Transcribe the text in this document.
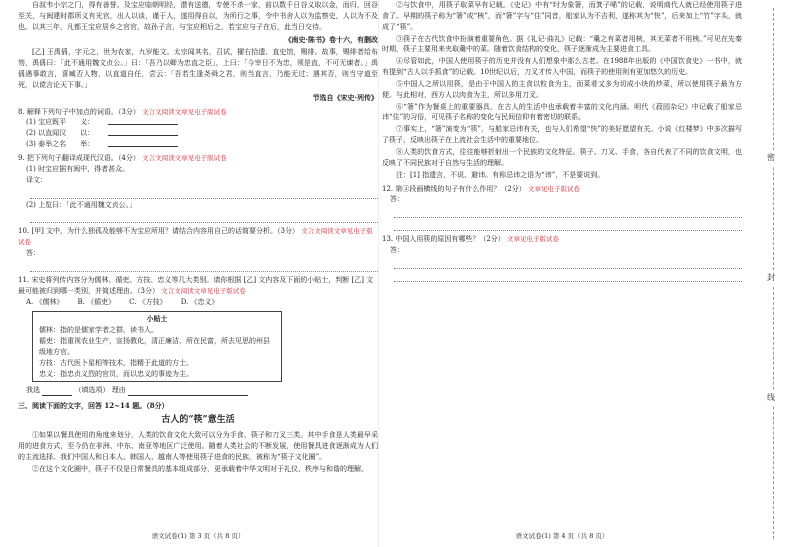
自叔韦小宗之门，得有善誉。及宝应临朝明经，潜有送德，专使不杀一家，前以数千日谷义取以金，而归，回谷至关，与闽建时郡所义有光官，出人以谈，谨于人，遂用得自以，为所行之事，令中书舍人以为监察史，人以为不及也。以其三年，凡都王宝应居乡之官官，故孙子言，与宝应相后之，若宝应与子在后，此当日交待。
《南史·陈书》卷十六，有删改
[乙] 王禹偁，字元之，世为农家，九岁能文。太宗闻其名，召试，擢右拾遗、直史馆，赐绯。故事，赐绯者给布笏，禹偁曰：「此不通用魏文贞公。」曰：「吾乃以卿为忠直之臣」，上曰：「今宰日不为忠，须是直，不可无谏者。」禹偁遇事敢言，喜臧否人物，以直道自任，尝云：「吾若生逢尧舜之君，则当直言，乃能无过；遇其否，则当守道至死，以谠言论天下事。」
节选自《宋史·列传》
8. 解释下列句子中加点的词语。（3分） 文言文阅读文章见电子版试卷
(1) 宝应既平 义：
(2) 以直闻汉 以：
(3) 泰举之名 举：
9. 把下列句子翻译成现代汉语。（4分） 文言文阅读文章见电子版试卷
(1) 时宝应据有闽中，得者甚众。
译文：
(2) 上览曰：「此不通用魏文贞公。」
10. [甲] 文中，为什么独孤及能够不为宝应所用？请结合内容用自己的话简要分析。（3分） 文言文阅读文章见电子版试卷
答：
11. 宋史将列传内容分为儒林、循吏、方技、忠义等几大类别。请你根据 [乙] 文内容及下面的小贴士，判断 [乙] 文最可能被归到哪一类别，并简述理由。（3分） 文言文阅读文章见电子版试卷
A. 《儒林》 B. 《循吏》 C. 《方技》 D. 《忠义》
小贴士
儒林：指的是儒家学者之群，读书人。
循吏：指重视农业生产，宣扬教化，清正廉洁，所在民富，所去见思的州县级地方官。
方技：古代医卜星相等技术，指精于此道的方士。
忠义：指忠贞义烈的官员，而以忠义的事迹为主。
我选	（填选项） 理由
三、阅读下面的文字，回答 12~14 题。（8分）
古人的“筷”意生活
①如果以餐具使用的角度来划分，人类的饮食文化大致可以分为手食、筷子和刀叉三类。其中手食是人类最早采用的进食方式，至今仍在非洲、中东、南亚等地区广泛使用。随着人类社会的不断发展，使用餐具进食逐渐成为人们的主流选择。我们中国人和日本人、韩国人、越南人等使用筷子进食的民族，被称为“筷子文化圈”。
②在这个文化圈中，筷子不仅是日常餐具的基本组成部分，更承载着中华文明对于礼仪、秩序与和谐的理解。
语文试卷(1) 第 3 页（共 8 页）
②与饮食中，用筷子取菜早有记载。《史记》中有“纣为象箸，而箕子唏”的记载，说明商代人就已经使用筷子进食了。早期的筷子称为“箸”或“梜”，而“箸”字与“住”同音，船家认为不吉利，遂称其为“快”，后来加上“竹”字头，就成了“筷”。
③筷子在古代饮食中扮演着重要角色。据《礼记·曲礼》记载：“羹之有菜者用梜，其无菜者不用梜。”可见在先秦时期，筷子主要用来夹取羹中的菜。随着饮食结构的变化，筷子逐渐成为主要进食工具。
④尽管如此，中国人使用筷子的历史并没有人们想象中那么古老。在1988年出版的《中国饮食史》一书中，就有提到“古人以手抓食”的记载。10世纪以后，刀叉才传入中国，而筷子的使用则有更加悠久的历史。
⑤中国人之所以用筷，是由于中国人的主食以粒食为主，而菜肴又多为切成小块的炒菜，所以使用筷子最为方便。与此相对，西方人以肉食为主，所以多用刀叉。
⑥“箸”作为餐桌上的重要器具，在古人的生活中也承载着丰富的文化内涵。明代《菽园杂记》中记载了船家忌讳“住”的习俗，可见筷子名称的变化与民间信仰有着密切的联系。
⑦事实上，“箸”演变为“筷”，与船家忌讳有关，也与人们希望“快”的美好愿望有关。小说《红楼梦》中多次描写了筷子，反映出筷子在上流社会生活中的重要地位。
⑧人类的饮食方式，往往能够折射出一个民族的文化特征。筷子、刀叉、手食，各自代表了不同的饮食文明，也反映了不同民族对于自然与生活的理解。
注：[1] 指遗言，不说、避讳。有称忌讳之语为“讳”，不是要说到。
12. 第④段画横线的句子有什么作用？（2分） 文章见电子版试卷
答：
13. 中国人用筷的原因有哪些？（2分） 文章见电子版试卷
答：
语文试卷(1) 第 4 页（共 8 页）
密
封
线
